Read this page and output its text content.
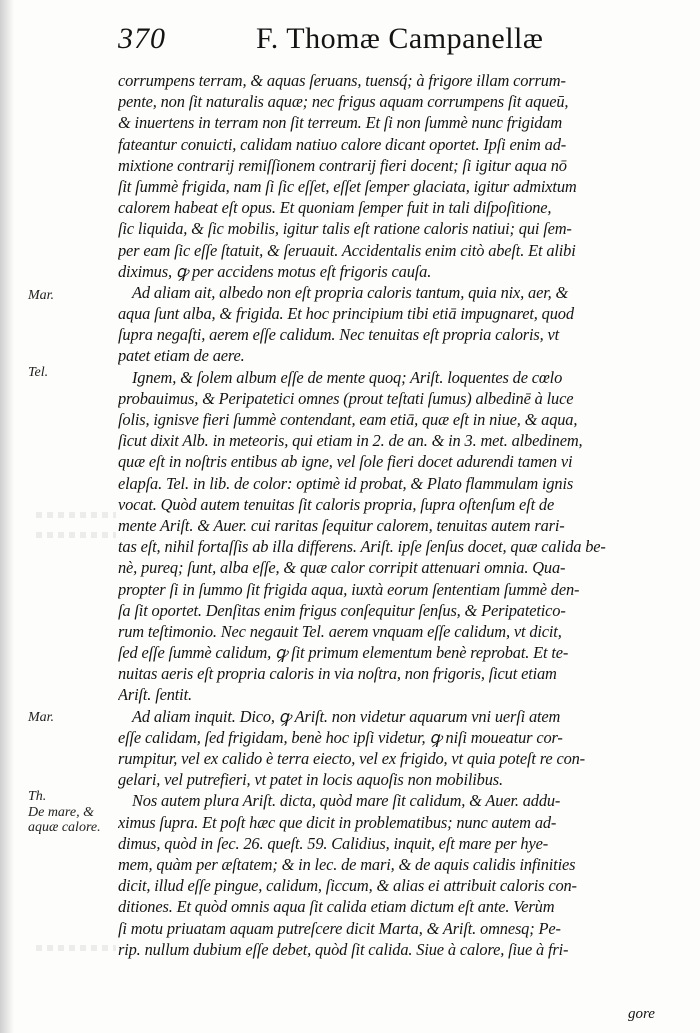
370	F. Thomæ Campanellæ
Mar.
Tel.
Mar.
Th.
De mare, & aquæ calore.
corrumpens terram, & aquas ſeruans, tuensq́; à frigore illam corrum-
pente, non ſit naturalis aquæ; nec frigus aquam corrumpens ſit aqueū,
& inuertens in terram non ſit terreum. Et ſi non ſummè nunc frigidam
fateantur conuicti, calidam natiuo calore dicant oportet. Ipſi enim ad-
mixtione contrarij remiſſionem contrarij fieri docent; ſi igitur aqua nō
ſit ſummè frigida, nam ſi ſic eſſet, eſſet ſemper glaciata, igitur admixtum
calorem habeat eſt opus. Et quoniam ſemper fuit in tali diſpoſitione,
ſic liquida, & ſic mobilis, igitur talis eſt ratione caloris natiui; qui ſem-
per eam ſic eſſe ſtatuit, & ſeruauit. Accidentalis enim citò abeſt. Et alibi
diximus, ꝙ per accidens motus eſt frigoris cauſa.
Ad aliam ait, albedo non eſt propria caloris tantum, quia nix, aer, &
aqua ſunt alba, & frigida. Et hoc principium tibi etiā impugnaret, quod
ſupra negaſti, aerem eſſe calidum. Nec tenuitas eſt propria caloris, vt
patet etiam de aere.
Ignem, & ſolem album eſſe de mente quoq; Ariſt. loquentes de cœlo
probauimus, & Peripatetici omnes (prout teſtati ſumus) albedinē à luce
ſolis, ignisve fieri ſummè contendant, eam etiā, quæ eſt in niue, & aqua,
ſicut dixit Alb. in meteoris, qui etiam in 2. de an. & in 3. met. albedinem,
quæ eſt in noſtris entibus ab igne, vel ſole fieri docet adurendi tamen vi
elapſa. Tel. in lib. de color: optimè id probat, & Plato flammulam ignis
vocat. Quòd autem tenuitas ſit caloris propria, ſupra oſtenſum eſt de
mente Ariſt. & Auer. cui raritas ſequitur calorem, tenuitas autem rari-
tas eſt, nihil fortaſſis ab illa differens. Ariſt. ipſe ſenſus docet, quæ calida be-
nè, pureq; ſunt, alba eſſe, & quæ calor corripit attenuari omnia. Qua-
propter ſi in ſummo ſit frigida aqua, iuxtà eorum ſententiam ſummè den-
ſa ſit oportet. Denſitas enim frigus conſequitur ſenſus, & Peripatetico-
rum teſtimonio. Nec negauit Tel. aerem vnquam eſſe calidum, vt dicit,
ſed eſſe ſummè calidum, ꝙ ſit primum elementum benè reprobat. Et te-
nuitas aeris eſt propria caloris in via noſtra, non frigoris, ſicut etiam
Ariſt. ſentit.
Ad aliam inquit. Dico, ꝙ Ariſt. non videtur aquarum vni uerſi atem
eſſe calidam, ſed frigidam, benè hoc ipſi videtur, ꝙ niſi moueatur cor-
rumpitur, vel ex calido è terra eiecto, vel ex frigido, vt quia poteſt re con-
gelari, vel putrefieri, vt patet in locis aquoſis non mobilibus.
Nos autem plura Ariſt. dicta, quòd mare ſit calidum, & Auer. addu-
ximus ſupra. Et poſt hæc que dicit in problematibus; nunc autem ad-
dimus, quòd in ſec. 26. queſt. 59. Calidius, inquit, eſt mare per hye-
mem, quàm per æſtatem; & in lec. de mari, & de aquis calidis infinities
dicit, illud eſſe pingue, calidum, ſiccum, & alias ei attribuit caloris con-
ditiones. Et quòd omnis aqua ſit calida etiam dictum eſt ante. Verùm
ſi motu priuatam aquam putreſcere dicit Marta, & Ariſt. omnesq; Pe-
rip. nullum dubium eſſe debet, quòd ſit calida. Siue à calore, ſiue à fri-
gore
